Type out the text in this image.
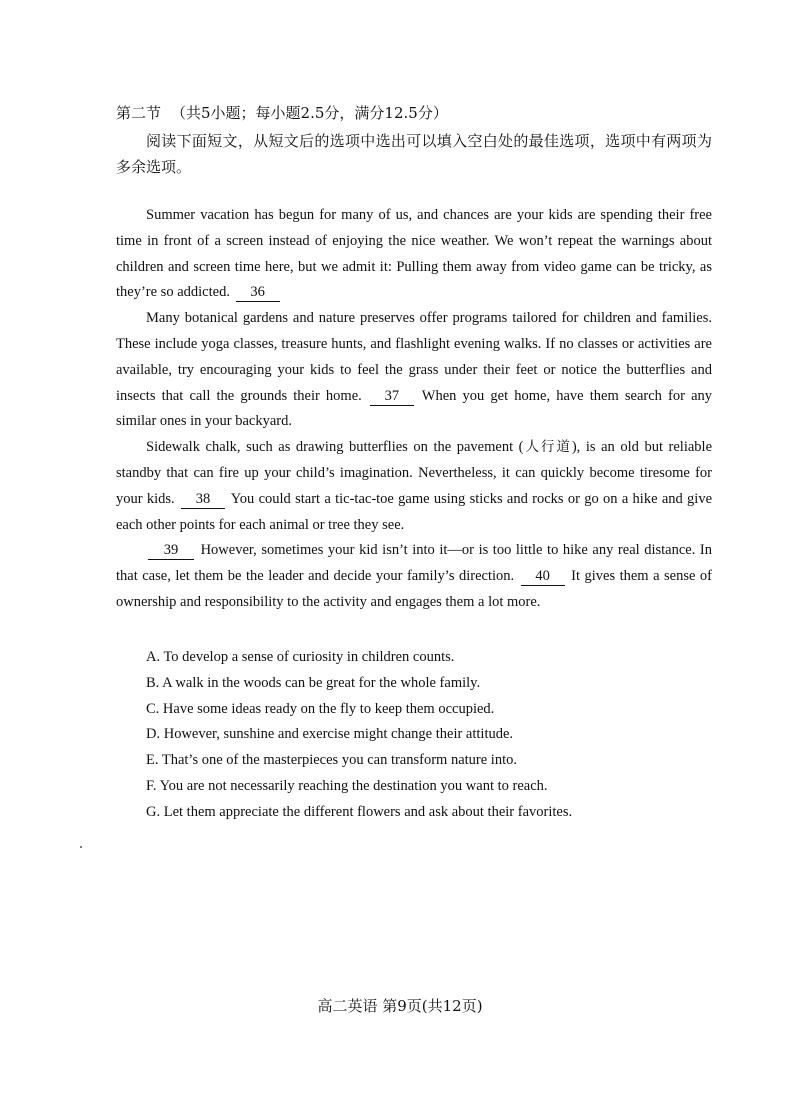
第二节 （共5小题；每小题2.5分，满分12.5分）
阅读下面短文，从短文后的选项中选出可以填入空白处的最佳选项，选项中有两项为多余选项。

Summer vacation has begun for many of us, and chances are your kids are spending their free time in front of a screen instead of enjoying the nice weather. We won’t repeat the warnings about children and screen time here, but we admit it: Pulling them away from video game can be tricky, as they’re so addicted. 36

Many botanical gardens and nature preserves offer programs tailored for children and families. These include yoga classes, treasure hunts, and flashlight evening walks. If no classes or activities are available, try encouraging your kids to feel the grass under their feet or notice the butterflies and insects that call the grounds their home. 37 When you get home, have them search for any similar ones in your backyard.

Sidewalk chalk, such as drawing butterflies on the pavement (人行道), is an old but reliable standby that can fire up your child’s imagination. Nevertheless, it can quickly become tiresome for your kids. 38 You could start a tic-tac-toe game using sticks and rocks or go on a hike and give each other points for each animal or tree they see.

39 However, sometimes your kid isn’t into it—or is too little to hike any real distance. In that case, let them be the leader and decide your family’s direction. 40 It gives them a sense of ownership and responsibility to the activity and engages them a lot more.

A. To develop a sense of curiosity in children counts.
B. A walk in the woods can be great for the whole family.
C. Have some ideas ready on the fly to keep them occupied.
D. However, sunshine and exercise might change their attitude.
E. That’s one of the masterpieces you can transform nature into.
F. You are not necessarily reaching the destination you want to reach.
G. Let them appreciate the different flowers and ask about their favorites.
高二英语 第9页(共12页)
